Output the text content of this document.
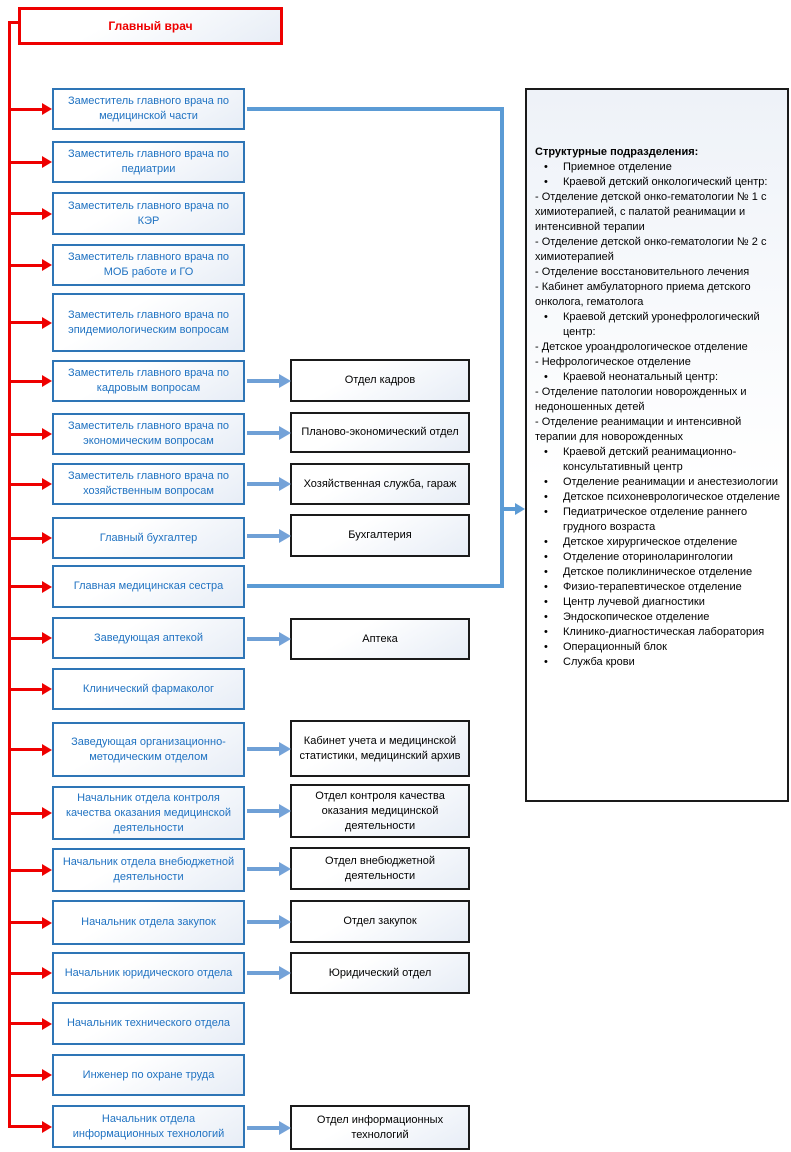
Главный врач
Структурные подразделения:
• Приемное отделение
• Краевой детский онкологический центр:
- Отделение детской онко-гематологии № 1 с химиотерапией, с палатой реанимации и интенсивной терапии
- Отделение детской онко-гематологии № 2 с химиотерапией
- Отделение восстановительного лечения
- Кабинет амбулаторного приема детского онколога, гематолога
• Краевой детский уронефрологический центр:
- Детское уроандрологическое отделение
- Нефрологическое отделение
• Краевой неонатальный центр:
- Отделение патологии новорожденных и недоношенных детей
- Отделение реанимации и интенсивной терапии для новорожденных
• Краевой детский реанимационно-консультативный центр
• Отделение реанимации и анестезиологии
• Детское психоневрологическое отделение
• Педиатрическое отделение раннего грудного возраста
• Детское хирургическое отделение
• Отделение оториноларингологии
• Детское поликлиническое отделение
• Физио-терапевтическое отделение
• Центр лучевой диагностики
• Эндоскопическое отделение
• Клинико-диагностическая лаборатория
• Операционный блок
• Служба крови
Заместитель главного врача по медицинской части
Заместитель главного врача по педиатрии
Заместитель главного врача по КЭР
Заместитель главного врача по МОБ работе и ГО
Заместитель главного врача по эпидемиологическим вопросам
Заместитель главного врача по кадровым вопросам
Заместитель главного врача по экономическим вопросам
Заместитель главного врача по хозяйственным вопросам
Главный бухгалтер
Главная медицинская сестра
Заведующая аптекой
Клинический фармаколог
Заведующая организационно-методическим отделом
Начальник отдела контроля качества оказания медицинской деятельности
Начальник отдела внебюджетной деятельности
Начальник отдела закупок
Начальник юридического отдела
Начальник технического отдела
Инженер по охране труда
Начальник отдела информационных технологий
Отдел кадров
Планово-экономический отдел
Хозяйственная служба, гараж
Бухгалтерия
Аптека
Кабинет учета и медицинской статистики, медицинский архив
Отдел контроля качества оказания медицинской деятельности
Отдел внебюджетной деятельности
Отдел закупок
Юридический отдел
Отдел информационных технологий
